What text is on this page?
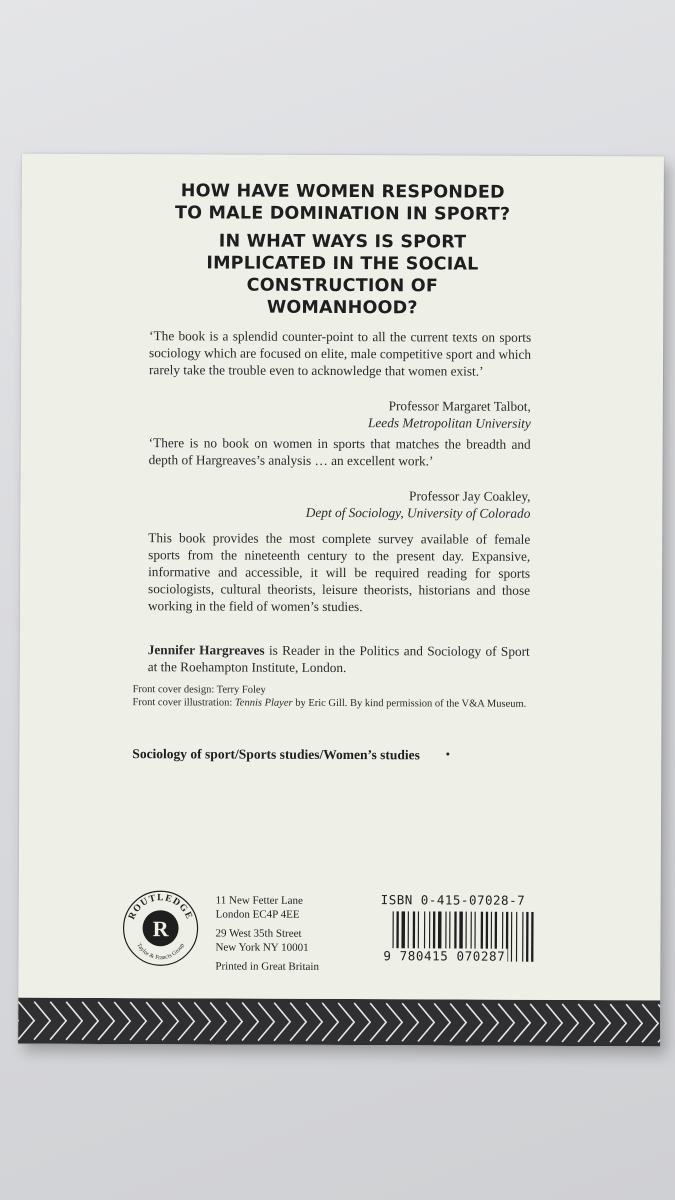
HOW HAVE WOMEN RESPONDED
TO MALE DOMINATION IN SPORT?
IN WHAT WAYS IS SPORT
IMPLICATED IN THE SOCIAL
CONSTRUCTION OF
WOMANHOOD?
‘The book is a splendid counter-point to all the current texts on sports sociology which are focused on elite, male competitive sport and which rarely take the trouble even to acknowledge that women exist.’
Professor Margaret Talbot,
Leeds Metropolitan University
‘There is no book on women in sports that matches the breadth and depth of Hargreaves’s analysis … an excellent work.’
Professor Jay Coakley,
Dept of Sociology, University of Colorado
This book provides the most complete survey available of female sports from the nineteenth century to the present day. Expansive, informative and accessible, it will be required reading for sports sociologists, cultural theorists, leisure theorists, historians and those working in the field of women’s studies.
Jennifer Hargreaves is Reader in the Politics and Sociology of Sport at the Roehampton Institute, London.
Front cover design: Terry Foley
Front cover illustration: Tennis Player by Eric Gill. By kind permission of the V&A Museum.
Sociology of sport/Sports studies/Women’s studies
R
ROUTLEDGE
Taylor & Francis Group
11 New Fetter Lane
London EC4P 4EE
29 West 35th Street
New York NY 10001
Printed in Great Britain
ISBN 0-415-07028-7
9 780415 070287
